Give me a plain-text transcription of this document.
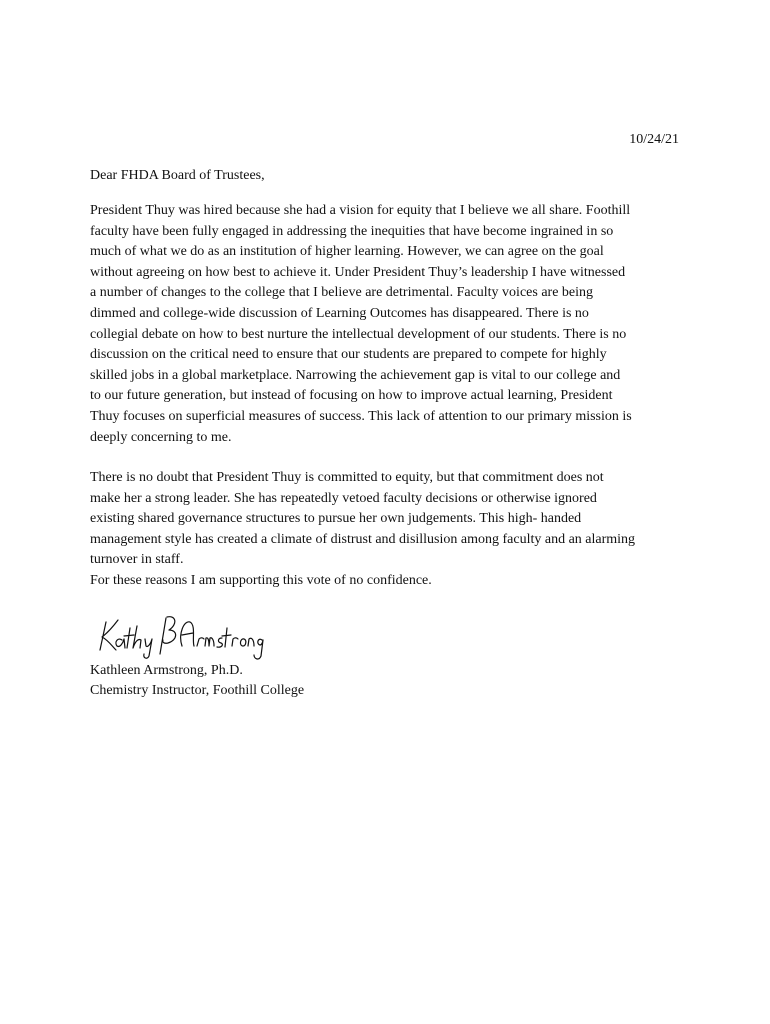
10/24/21
Dear FHDA Board of Trustees,
President Thuy was hired because she had a vision for equity that I believe we all share. Foothill
faculty have been fully engaged in addressing the inequities that have become ingrained in so
much of what we do as an institution of higher learning. However, we can agree on the goal
without agreeing on how best to achieve it. Under President Thuy’s leadership I have witnessed
a number of changes to the college that I believe are detrimental. Faculty voices are being
dimmed and college-wide discussion of Learning Outcomes has disappeared. There is no
collegial debate on how to best nurture the intellectual development of our students. There is no
discussion on the critical need to ensure that our students are prepared to compete for highly
skilled jobs in a global marketplace. Narrowing the achievement gap is vital to our college and
to our future generation, but instead of focusing on how to improve actual learning, President
Thuy focuses on superficial measures of success. This lack of attention to our primary mission is
deeply concerning to me.
There is no doubt that President Thuy is committed to equity, but that commitment does not
make her a strong leader. She has repeatedly vetoed faculty decisions or otherwise ignored
existing shared governance structures to pursue her own judgements. This high- handed
management style has created a climate of distrust and disillusion among faculty and an alarming
turnover in staff.
For these reasons I am supporting this vote of no confidence.
Kathleen Armstrong, Ph.D.
Chemistry Instructor, Foothill College
